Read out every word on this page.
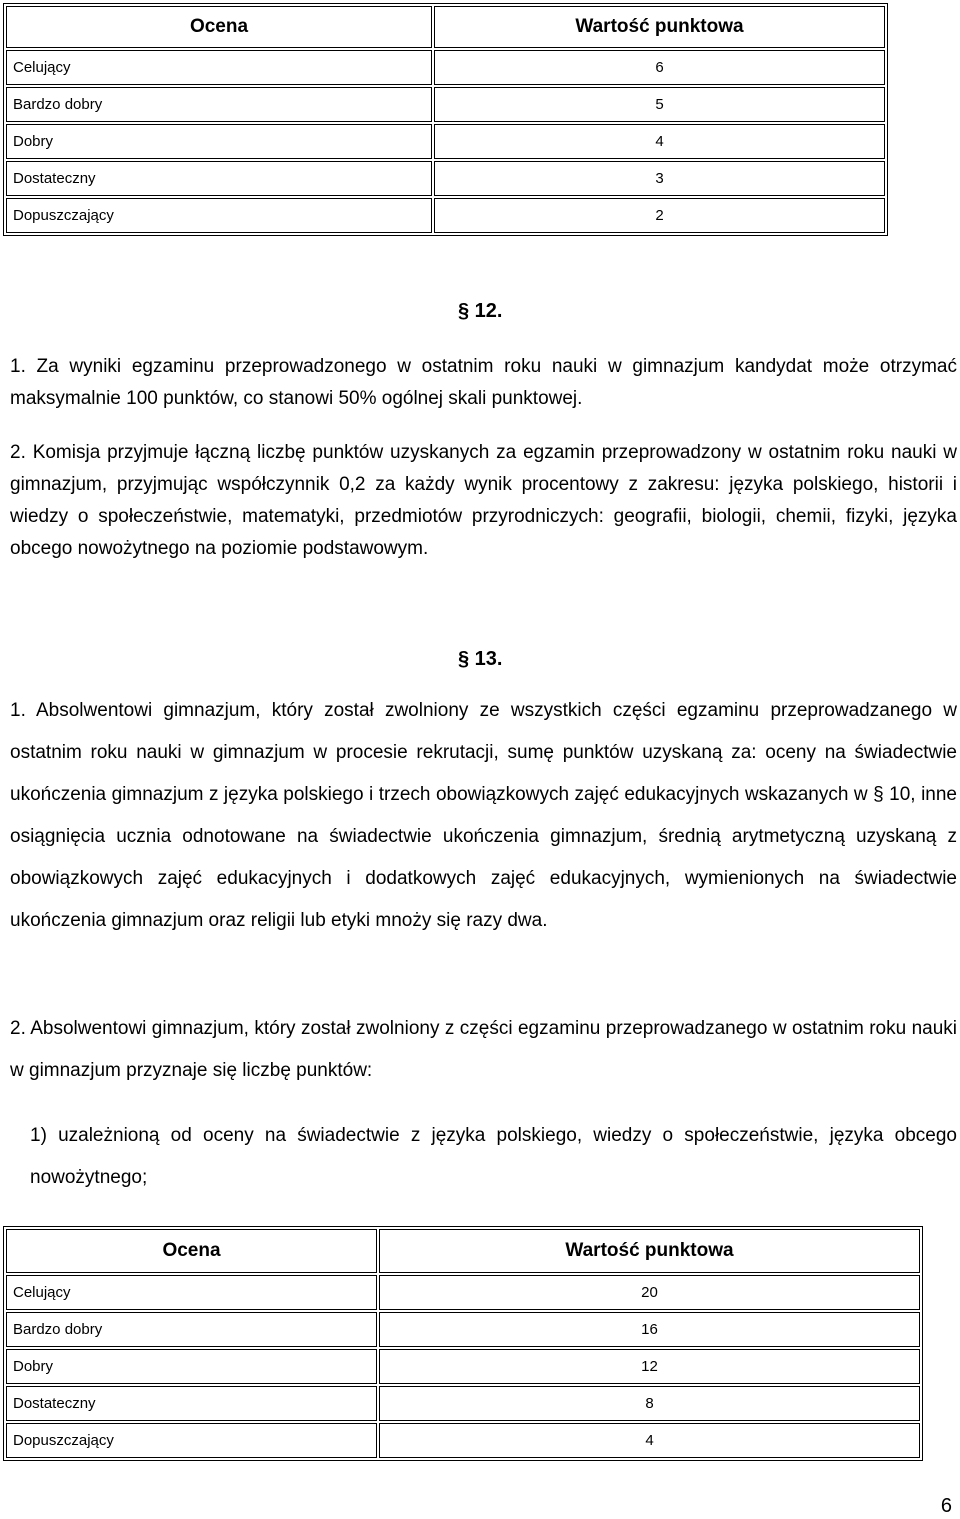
Ocena	Wartość punktowa
Celujący	6
Bardzo dobry	5
Dobry	4
Dostateczny	3
Dopuszczający	2
§ 12.

1. Za wyniki egzaminu przeprowadzonego w ostatnim roku nauki w gimnazjum kandydat może otrzymać maksymalnie 100 punktów, co stanowi 50% ogólnej skali punktowej.

2. Komisja przyjmuje łączną liczbę punktów uzyskanych za egzamin przeprowadzony w ostatnim roku nauki w gimnazjum, przyjmując współczynnik 0,2 za każdy wynik procentowy z zakresu: języka polskiego, historii i wiedzy o społeczeństwie, matematyki, przedmiotów przyrodniczych: geografii, biologii, chemii, fizyki, języka obcego nowożytnego na poziomie podstawowym.

§ 13.

1. Absolwentowi gimnazjum, który został zwolniony ze wszystkich części egzaminu przeprowadzanego w ostatnim roku nauki w gimnazjum w procesie rekrutacji, sumę punktów uzyskaną za: oceny na świadectwie ukończenia gimnazjum z języka polskiego i trzech obowiązkowych zajęć edukacyjnych wskazanych w § 10, inne osiągnięcia ucznia odnotowane na świadectwie ukończenia gimnazjum, średnią arytmetyczną uzyskaną z obowiązkowych zajęć edukacyjnych i dodatkowych zajęć edukacyjnych, wymienionych na świadectwie ukończenia gimnazjum oraz religii lub etyki mnoży się razy dwa.

2. Absolwentowi gimnazjum, który został zwolniony z części egzaminu przeprowadzanego w ostatnim roku nauki w gimnazjum przyznaje się liczbę punktów:

1) uzależnioną od oceny na świadectwie z języka polskiego, wiedzy o społeczeństwie, języka obcego nowożytnego;

Ocena	Wartość punktowa
Celujący	20
Bardzo dobry	16
Dobry	12
Dostateczny	8
Dopuszczający	4

6
